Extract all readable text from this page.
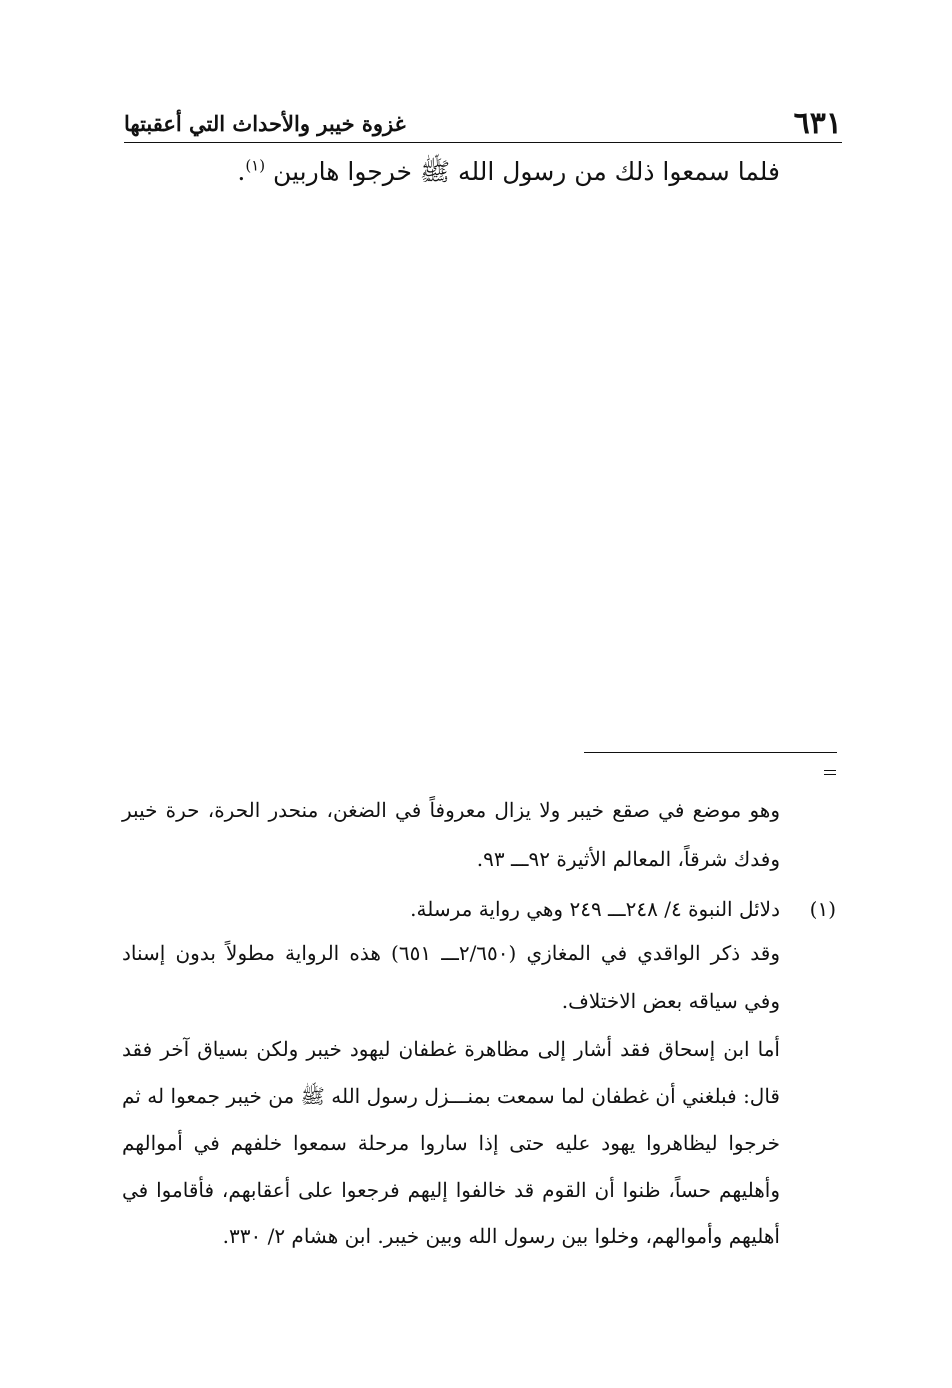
٦٣١
غزوة خيبر والأحداث التي أعقبتها
فلما سمعوا ذلك من رسول الله ﷺ خرجوا هاربين $^{(١)}$.
وهو موضع في صقع خيبر ولا يزال معروفاً في الضغن، منحدر الحرة، حرة خيبر
وفدك شرقاً، المعالم الأثيرة ٩٢ـــ ٩٣.
(١)
دلائل النبوة ٤/ ٢٤٨ـــ ٢٤٩ وهي رواية مرسلة.
وقد ذكر الواقدي في المغازي (٢/٦٥٠ـــ ٦٥١) هذه الرواية مطولاً بدون إسناد
وفي سياقه بعض الاختلاف.
أما ابن إسحاق فقد أشار إلى مظاهرة غطفان ليهود خيبر ولكن بسياق آخر فقد
قال: فبلغني أن غطفان لما سمعت بمنـــزل رسول الله ﷺ من خيبر جمعوا له ثم
خرجوا ليظاهروا يهود عليه حتى إذا ساروا مرحلة سمعوا خلفهم في أموالهم
وأهليهم حساً، ظنوا أن القوم قد خالفوا إليهم فرجعوا على أعقابهم، فأقاموا في
أهليهم وأموالهم، وخلوا بين رسول الله وبين خيبر. ابن هشام ٢/ ٣٣٠.
